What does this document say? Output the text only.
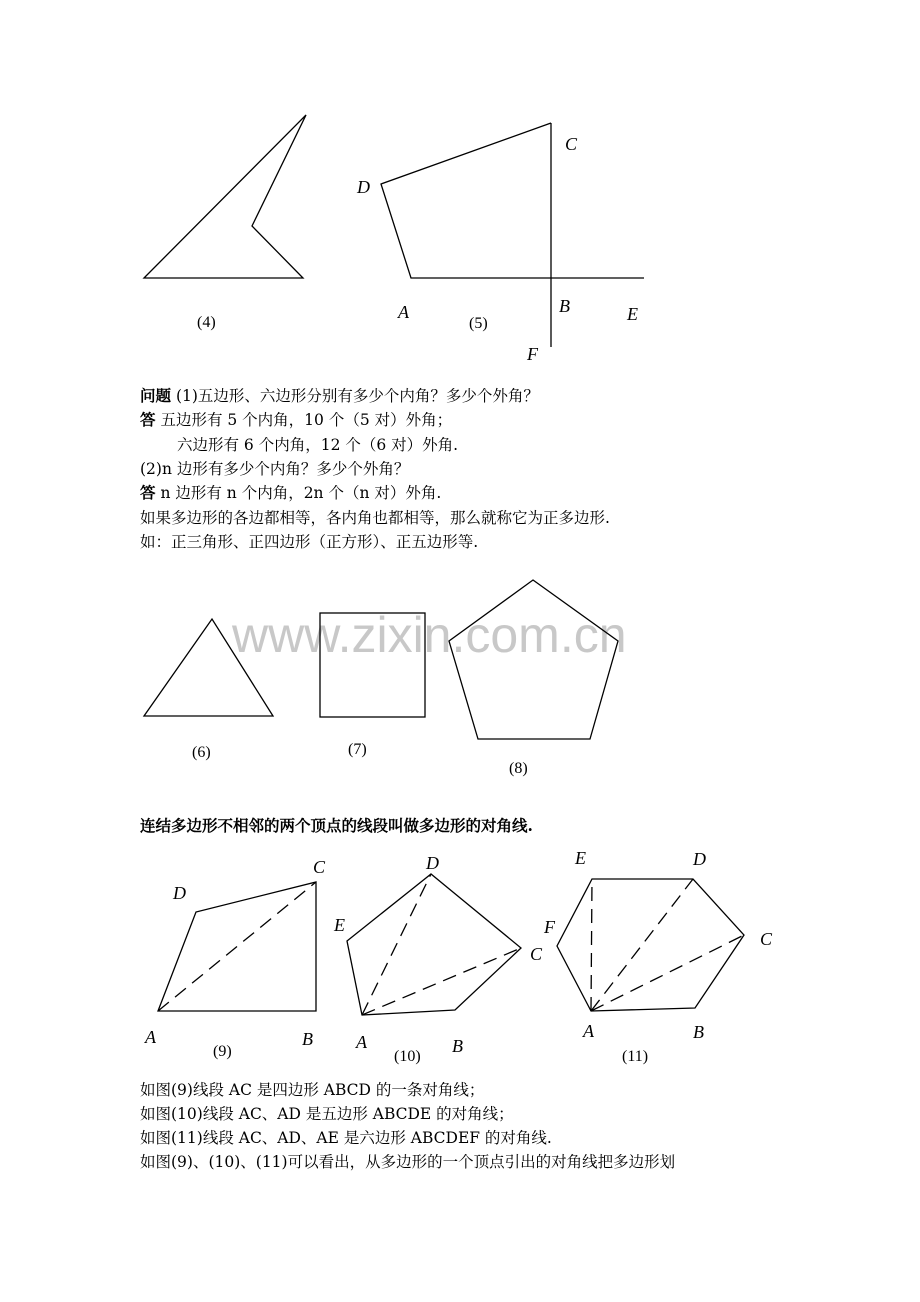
www.zixin.com.cn
(4)
C
D
A	B	E
F
(5)
(6)	(7)
(8)
D
C
A	B
(9)
D
E
C
A	B
(10)
E	D
F
C
A	B
(11)
问题 (1)五边形、六边形分别有多少个内角？多少个外角？
答 五边形有 5 个内角，10 个（5 对）外角；
六边形有 6 个内角，12 个（6 对）外角.
(2)n 边形有多少个内角？多少个外角？
答 n 边形有 n 个内角，2n 个（n 对）外角.
如果多边形的各边都相等，各内角也都相等，那么就称它为正多边形.
如：正三角形、正四边形（正方形）、正五边形等.
连结多边形不相邻的两个顶点的线段叫做多边形的对角线.
如图(9)线段 AC 是四边形 ABCD 的一条对角线；
如图(10)线段 AC、AD 是五边形 ABCDE 的对角线；
如图(11)线段 AC、AD、AE 是六边形 ABCDEF 的对角线.
如图(9)、(10)、(11)可以看出，从多边形的一个顶点引出的对角线把多边形划
